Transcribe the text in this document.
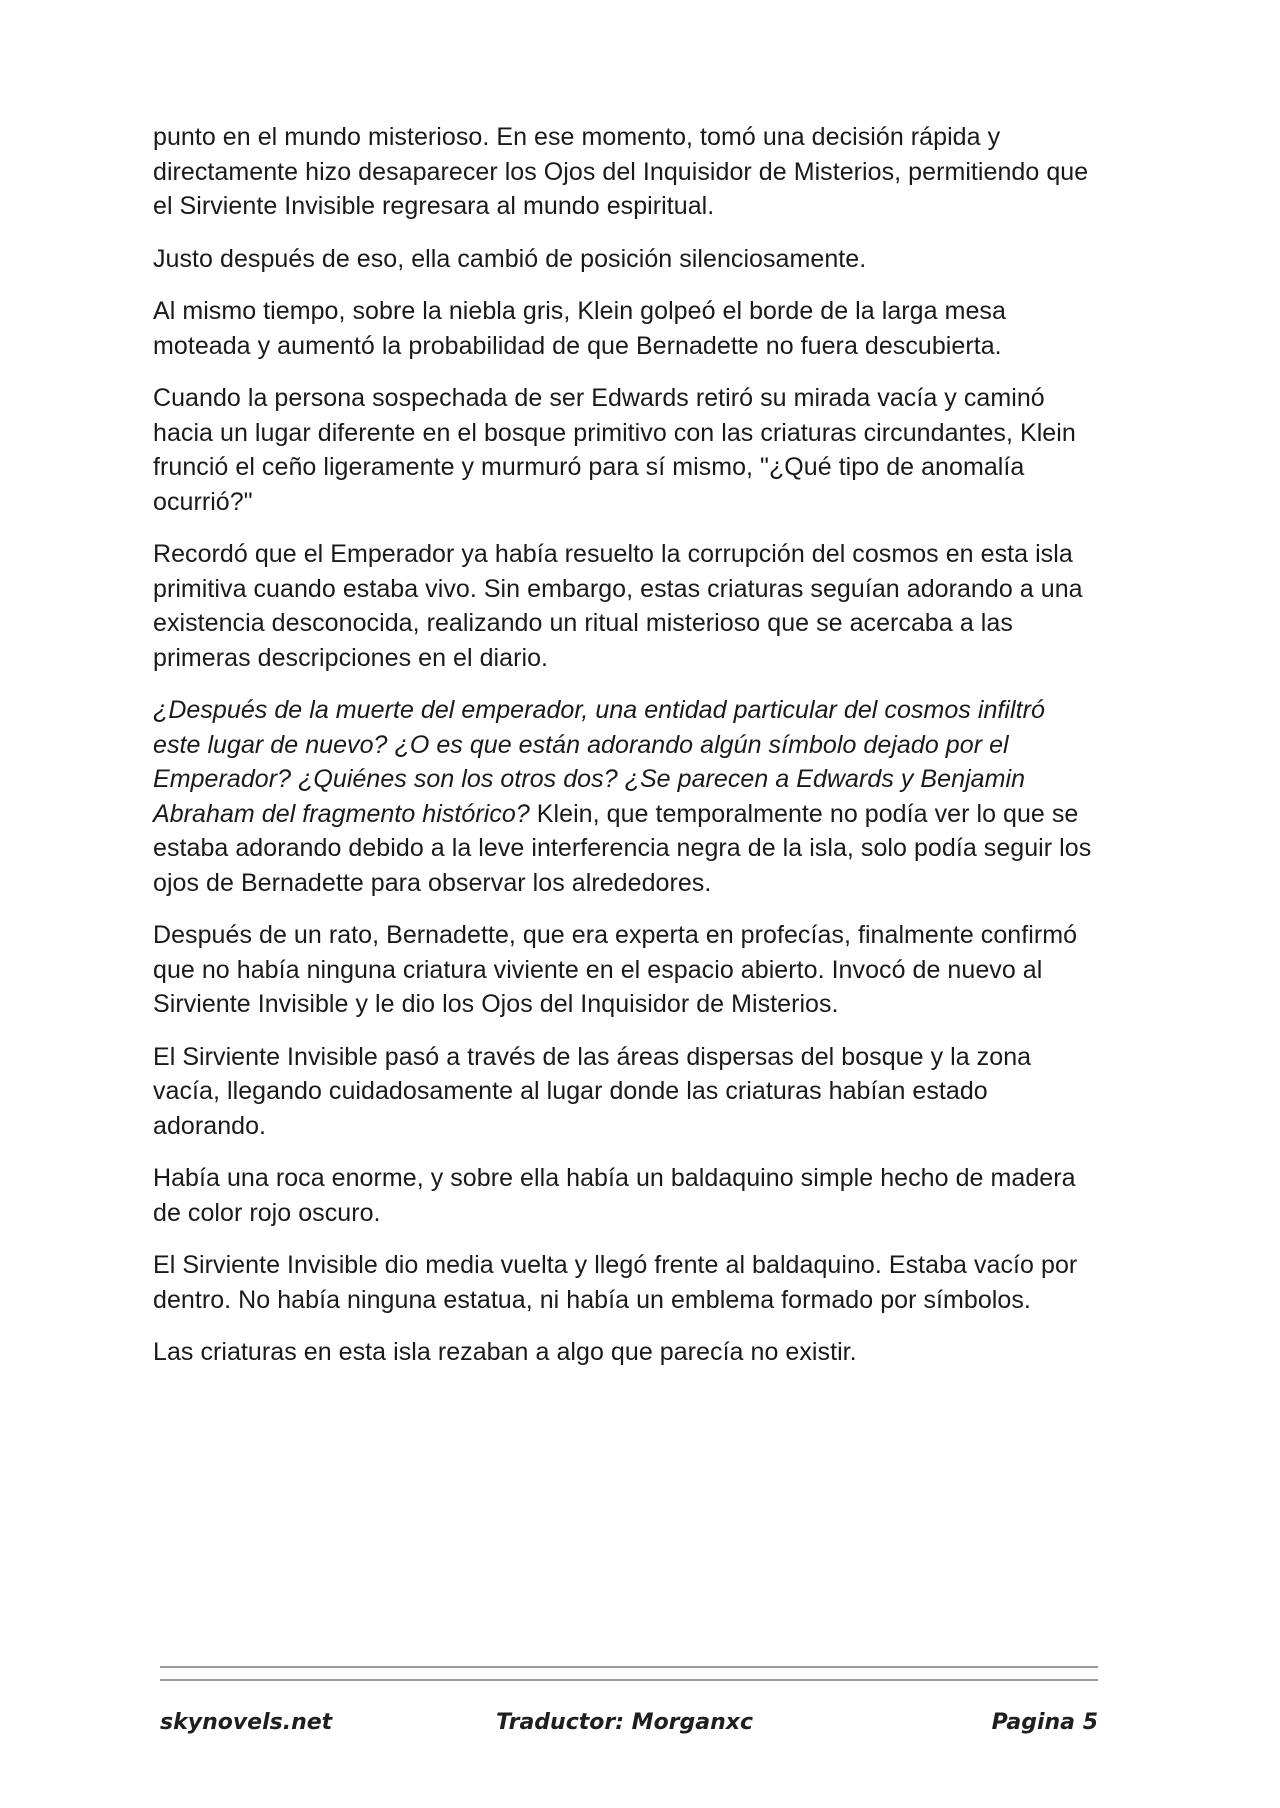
punto en el mundo misterioso. En ese momento, tomó una decisión rápida y directamente hizo desaparecer los Ojos del Inquisidor de Misterios, permitiendo que el Sirviente Invisible regresara al mundo espiritual.

Justo después de eso, ella cambió de posición silenciosamente.

Al mismo tiempo, sobre la niebla gris, Klein golpeó el borde de la larga mesa moteada y aumentó la probabilidad de que Bernadette no fuera descubierta.

Cuando la persona sospechada de ser Edwards retiró su mirada vacía y caminó hacia un lugar diferente en el bosque primitivo con las criaturas circundantes, Klein frunció el ceño ligeramente y murmuró para sí mismo, "¿Qué tipo de anomalía ocurrió?"

Recordó que el Emperador ya había resuelto la corrupción del cosmos en esta isla primitiva cuando estaba vivo. Sin embargo, estas criaturas seguían adorando a una existencia desconocida, realizando un ritual misterioso que se acercaba a las primeras descripciones en el diario.

¿Después de la muerte del emperador, una entidad particular del cosmos infiltró este lugar de nuevo? ¿O es que están adorando algún símbolo dejado por el Emperador? ¿Quiénes son los otros dos? ¿Se parecen a Edwards y Benjamin Abraham del fragmento histórico? Klein, que temporalmente no podía ver lo que se estaba adorando debido a la leve interferencia negra de la isla, solo podía seguir los ojos de Bernadette para observar los alrededores.

Después de un rato, Bernadette, que era experta en profecías, finalmente confirmó que no había ninguna criatura viviente en el espacio abierto. Invocó de nuevo al Sirviente Invisible y le dio los Ojos del Inquisidor de Misterios.

El Sirviente Invisible pasó a través de las áreas dispersas del bosque y la zona vacía, llegando cuidadosamente al lugar donde las criaturas habían estado adorando.

Había una roca enorme, y sobre ella había un baldaquino simple hecho de madera de color rojo oscuro.

El Sirviente Invisible dio media vuelta y llegó frente al baldaquino. Estaba vacío por dentro. No había ninguna estatua, ni había un emblema formado por símbolos.

Las criaturas en esta isla rezaban a algo que parecía no existir.

skynovels.net	Traductor: Morganxc	Pagina 5
